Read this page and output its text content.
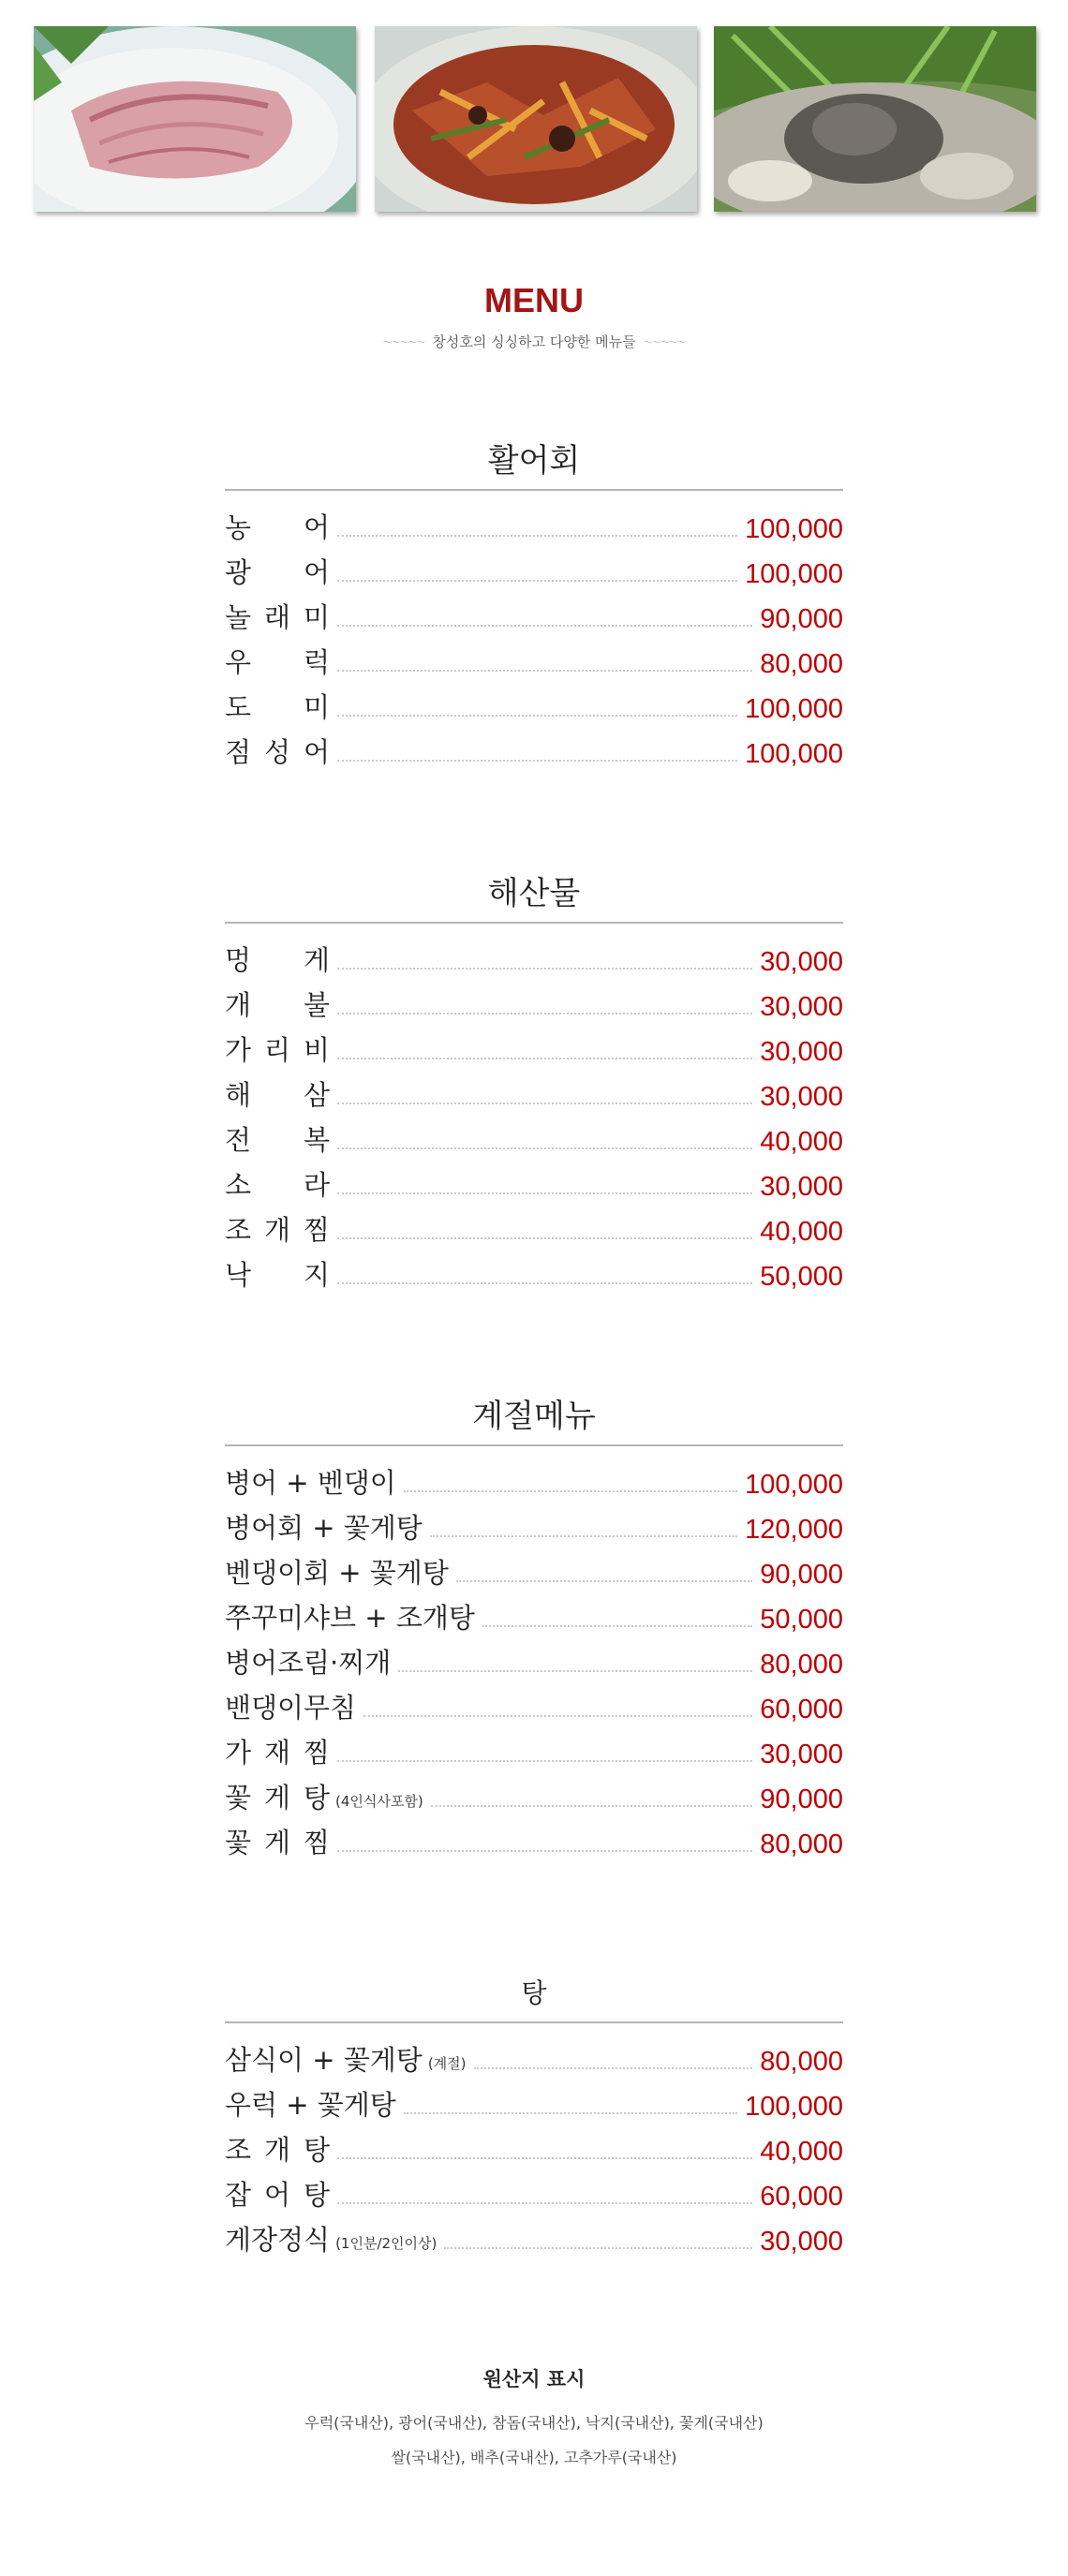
MENU
〜〜〜〜〜 창성호의 싱싱하고 다양한 메뉴들 〜〜〜〜〜
활어회
농 어	100,000
광 어	100,000
놀 래 미	90,000
우 럭	80,000
도 미	100,000
점 성 어	100,000
해산물
멍 게	30,000
개 불	30,000
가 리 비	30,000
해 삼	30,000
전 복	40,000
소 라	30,000
조 개 찜	40,000
낙 지	50,000
계절메뉴
병어 + 벤댕이	100,000
병어회 + 꽃게탕	120,000
벤댕이회 + 꽃게탕	90,000
쭈꾸미샤브 + 조개탕	50,000
병어조림·찌개	80,000
밴댕이무침	60,000
가 재 찜	30,000
꽃 게 탕 (4인식사포함)	90,000
꽃 게 찜	80,000
탕
삼식이 + 꽃게탕 (계절)	80,000
우럭 + 꽃게탕	100,000
조 개 탕	40,000
잡 어 탕	60,000
게장정식 (1인분/2인이상)	30,000
원산지 표시
우럭(국내산), 광어(국내산), 참돔(국내산), 낙지(국내산), 꽃게(국내산)
쌀(국내산), 배추(국내산), 고추가루(국내산)
